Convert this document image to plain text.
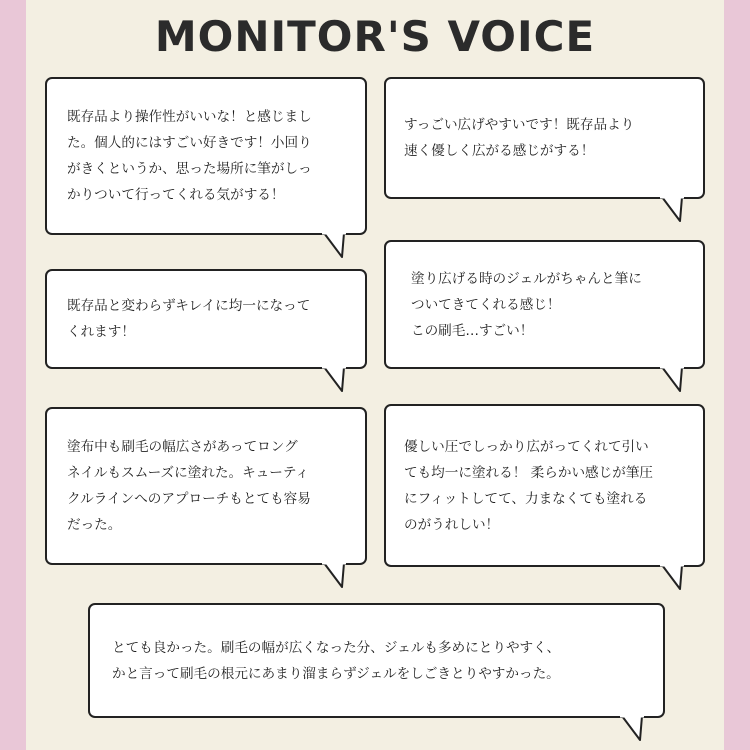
MONITOR'S VOICE
既存品より操作性がいいな！と感じまし
た。個人的にはすごい好きです！小回り
がきくというか、思った場所に筆がしっ
かりついて行ってくれる気がする！
すっごい広げやすいです！既存品より
速く優しく広がる感じがする！
既存品と変わらずキレイに均一になって
くれます！
塗り広げる時のジェルがちゃんと筆に
ついてきてくれる感じ！
この刷毛…すごい！
塗布中も刷毛の幅広さがあってロング
ネイルもスムーズに塗れた。キューティ
クルラインへのアプローチもとても容易
だった。
優しい圧でしっかり広がってくれて引い
ても均一に塗れる！ 柔らかい感じが筆圧
にフィットしてて、力まなくても塗れる
のがうれしい！
とても良かった。刷毛の幅が広くなった分、ジェルも多めにとりやすく、
かと言って刷毛の根元にあまり溜まらずジェルをしごきとりやすかった。
